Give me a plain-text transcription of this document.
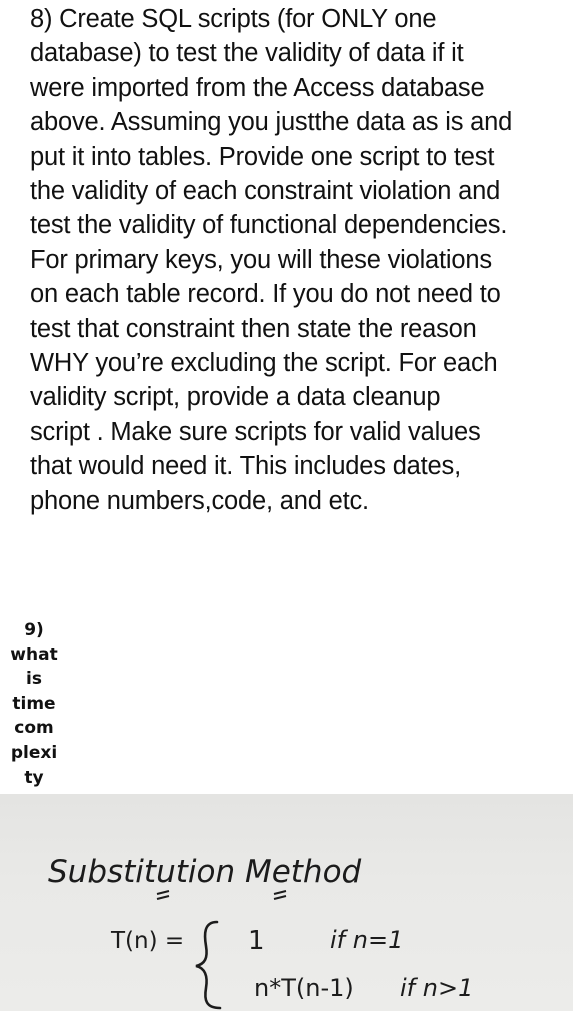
8) Create SQL scripts (for ONLY one
database) to test the validity of data if it
were imported from the Access database
above. Assuming you justthe data as is and
put it into tables. Provide one script to test
the validity of each constraint violation and
test the validity of functional dependencies.
For primary keys, you will these violations
on each table record. If you do not need to
test that constraint then state the reason
WHY you’re excluding the script. For each
validity script, provide a data cleanup
script . Make sure scripts for valid values
that would need it. This includes dates,
phone numbers,code, and etc.
9)
what
is
time
com
plexi
ty
Substitution Method
T(n) = 1	if n=1
n*T(n-1) if n>1
